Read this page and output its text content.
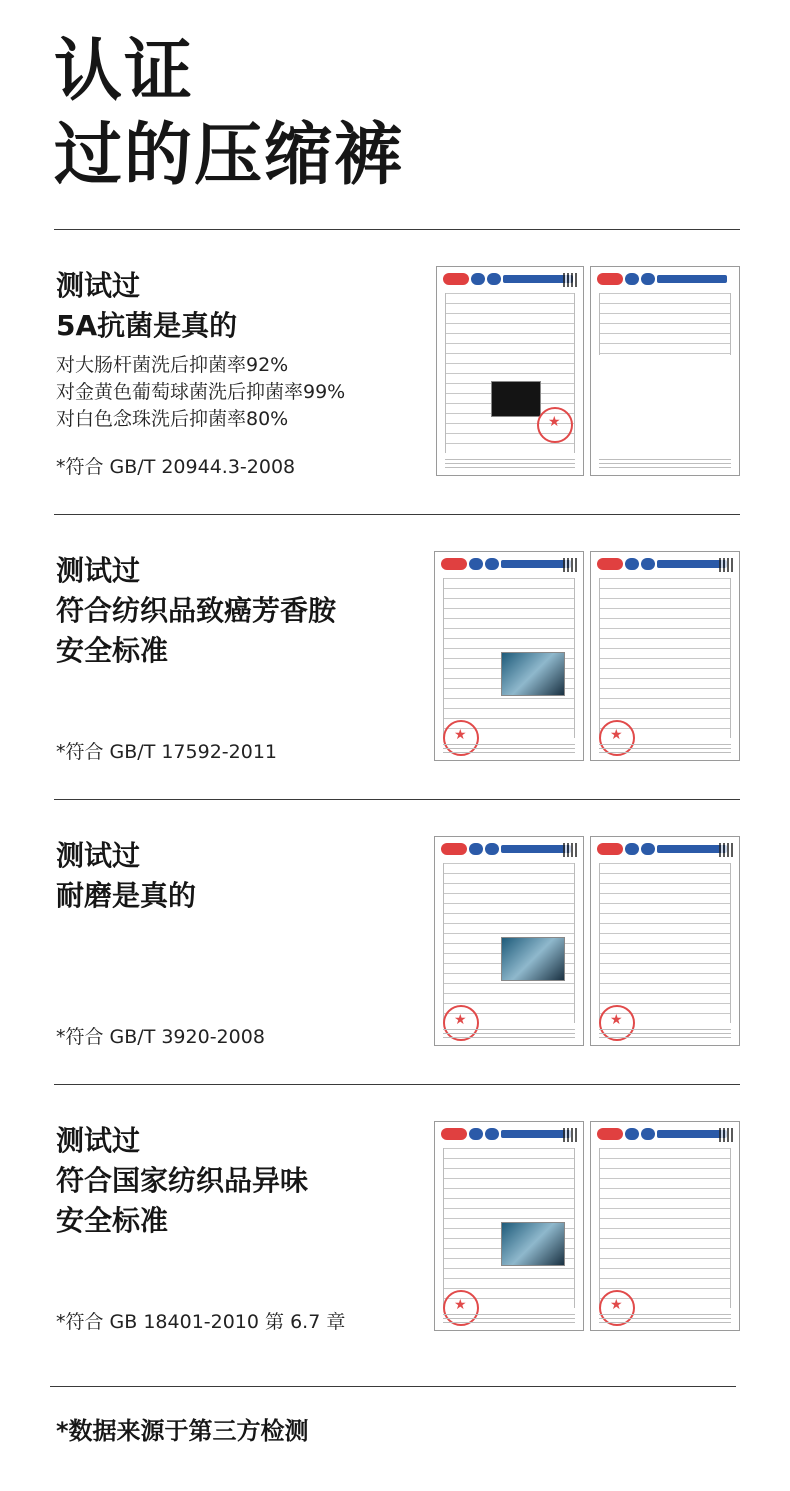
认证
过的压缩裤
测试过
5A抗菌是真的
对大肠杆菌洗后抑菌率92%
对金黄色葡萄球菌洗后抑菌率99%
对白色念珠洗后抑菌率80%
*符合 GB/T 20944.3-2008
★
测试过
符合纺织品致癌芳香胺
安全标准
*符合 GB/T 17592-2011
★
★
测试过
耐磨是真的
*符合 GB/T 3920-2008
★
★
测试过
符合国家纺织品异味
安全标准
*符合 GB 18401-2010 第 6.7 章
★
★
*数据来源于第三方检测
